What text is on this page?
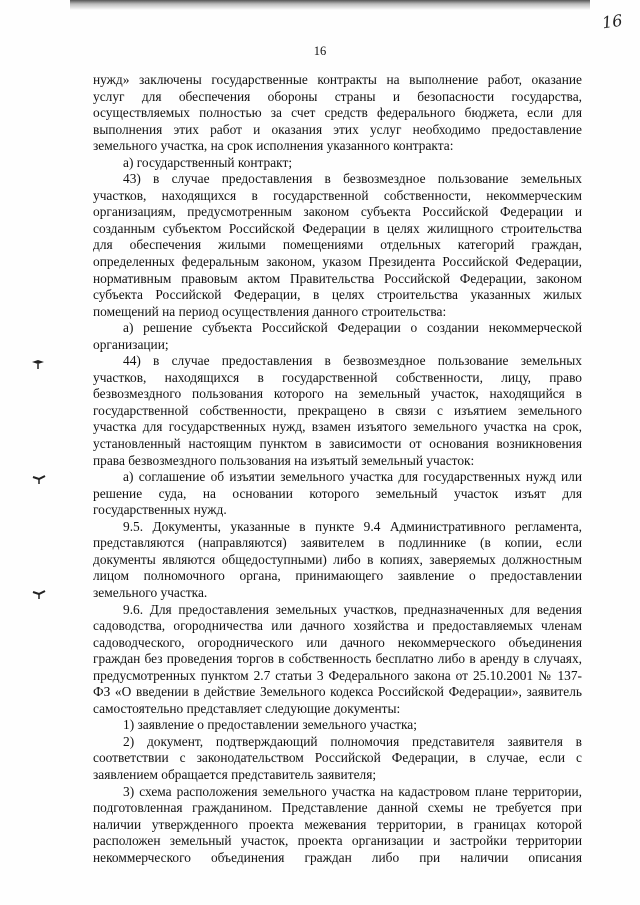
16
16
нужд» заключены государственные контракты на выполнение работ, оказание
услуг для обеспечения обороны страны и безопасности государства,
осуществляемых полностью за счет средств федерального бюджета, если для
выполнения этих работ и оказания этих услуг необходимо предоставление
земельного участка, на срок исполнения указанного контракта:
а) государственный контракт;
43) в случае предоставления в безвозмездное пользование земельных
участков, находящихся в государственной собственности, некоммерческим
организациям, предусмотренным законом субъекта Российской Федерации и
созданным субъектом Российской Федерации в целях жилищного строительства
для обеспечения жилыми помещениями отдельных категорий граждан,
определенных федеральным законом, указом Президента Российской Федерации,
нормативным правовым актом Правительства Российской Федерации, законом
субъекта Российской Федерации, в целях строительства указанных жилых
помещений на период осуществления данного строительства:
а) решение субъекта Российской Федерации о создании некоммерческой
организации;
44) в случае предоставления в безвозмездное пользование земельных
участков, находящихся в государственной собственности, лицу, право
безвозмездного пользования которого на земельный участок, находящийся в
государственной собственности, прекращено в связи с изъятием земельного
участка для государственных нужд, взамен изъятого земельного участка на срок,
установленный настоящим пунктом в зависимости от основания возникновения
права безвозмездного пользования на изъятый земельный участок:
а) соглашение об изъятии земельного участка для государственных нужд или
решение суда, на основании которого земельный участок изъят для
государственных нужд.
9.5. Документы, указанные в пункте 9.4 Административного регламента,
представляются (направляются) заявителем в подлиннике (в копии, если
документы являются общедоступными) либо в копиях, заверяемых должностным
лицом полномочного органа, принимающего заявление о предоставлении
земельного участка.
9.6. Для предоставления земельных участков, предназначенных для ведения
садоводства, огородничества или дачного хозяйства и предоставляемых членам
садоводческого, огороднического или дачного некоммерческого объединения
граждан без проведения торгов в собственность бесплатно либо в аренду в случаях,
предусмотренных пунктом 2.7 статьи 3 Федерального закона от 25.10.2001 № 137-
ФЗ «О введении в действие Земельного кодекса Российской Федерации», заявитель
самостоятельно представляет следующие документы:
1) заявление о предоставлении земельного участка;
2) документ, подтверждающий полномочия представителя заявителя в
соответствии с законодательством Российской Федерации, в случае, если с
заявлением обращается представитель заявителя;
3) схема расположения земельного участка на кадастровом плане территории,
подготовленная гражданином. Представление данной схемы не требуется при
наличии утвержденного проекта межевания территории, в границах которой
расположен земельный участок, проекта организации и застройки территории
некоммерческого объединения граждан либо при наличии описания
